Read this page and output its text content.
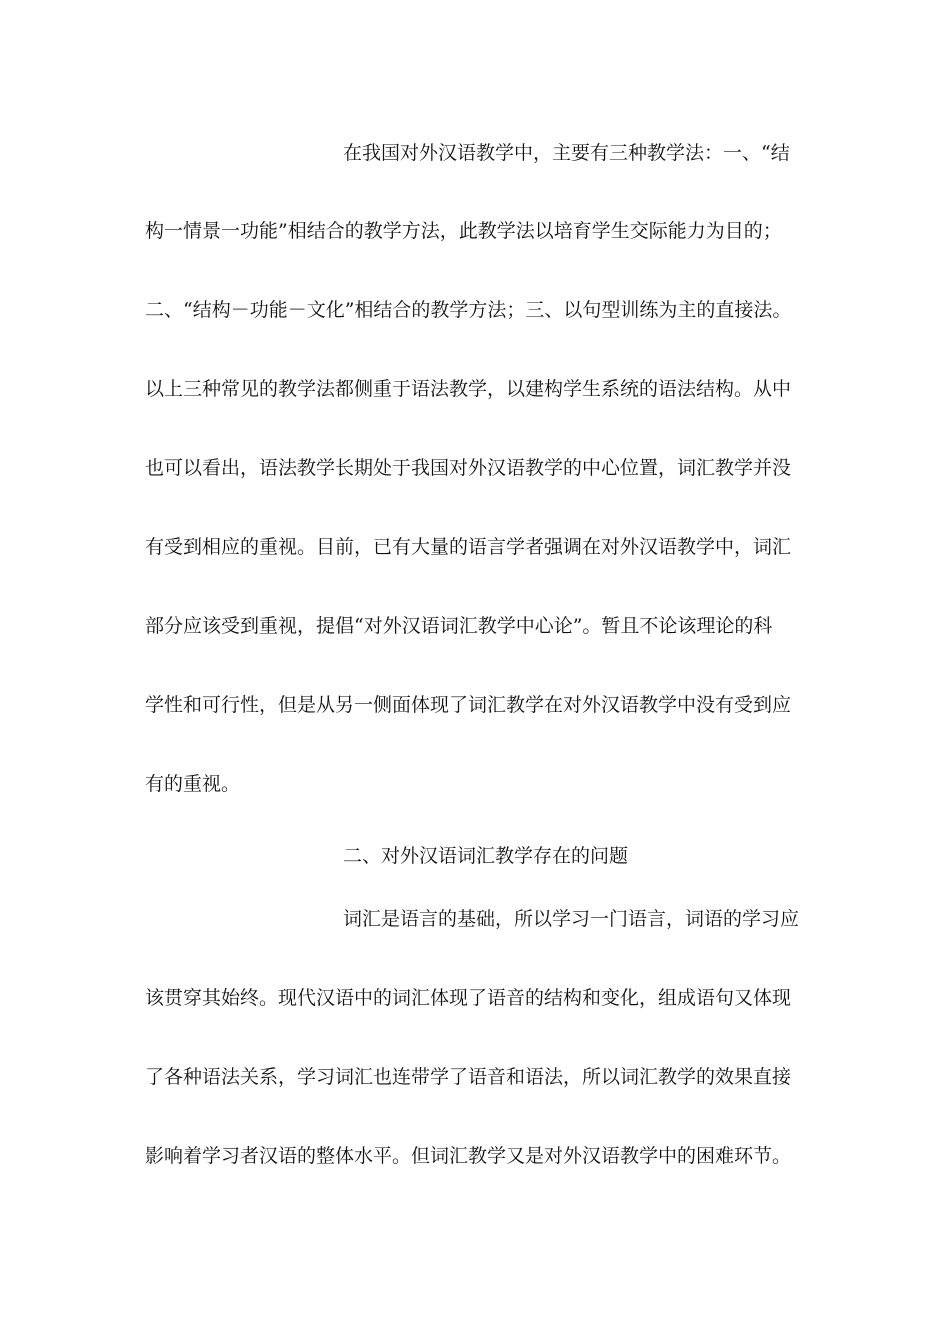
在我国对外汉语教学中，主要有三种教学法：一、“结
构一情景一功能”相结合的教学方法，此教学法以培育学生交际能力为目的；
二、“结构－功能－文化”相结合的教学方法；三、以句型训练为主的直接法。
以上三种常见的教学法都侧重于语法教学，以建构学生系统的语法结构。从中
也可以看出，语法教学长期处于我国对外汉语教学的中心位置，词汇教学并没
有受到相应的重视。目前，已有大量的语言学者强调在对外汉语教学中，词汇
部分应该受到重视，提倡“对外汉语词汇教学中心论”。暂且不论该理论的科
学性和可行性，但是从另一侧面体现了词汇教学在对外汉语教学中没有受到应
有的重视。
二、对外汉语词汇教学存在的问题
词汇是语言的基础，所以学习一门语言，词语的学习应
该贯穿其始终。现代汉语中的词汇体现了语音的结构和变化，组成语句又体现
了各种语法关系，学习词汇也连带学了语音和语法，所以词汇教学的效果直接
影响着学习者汉语的整体水平。但词汇教学又是对外汉语教学中的困难环节。
